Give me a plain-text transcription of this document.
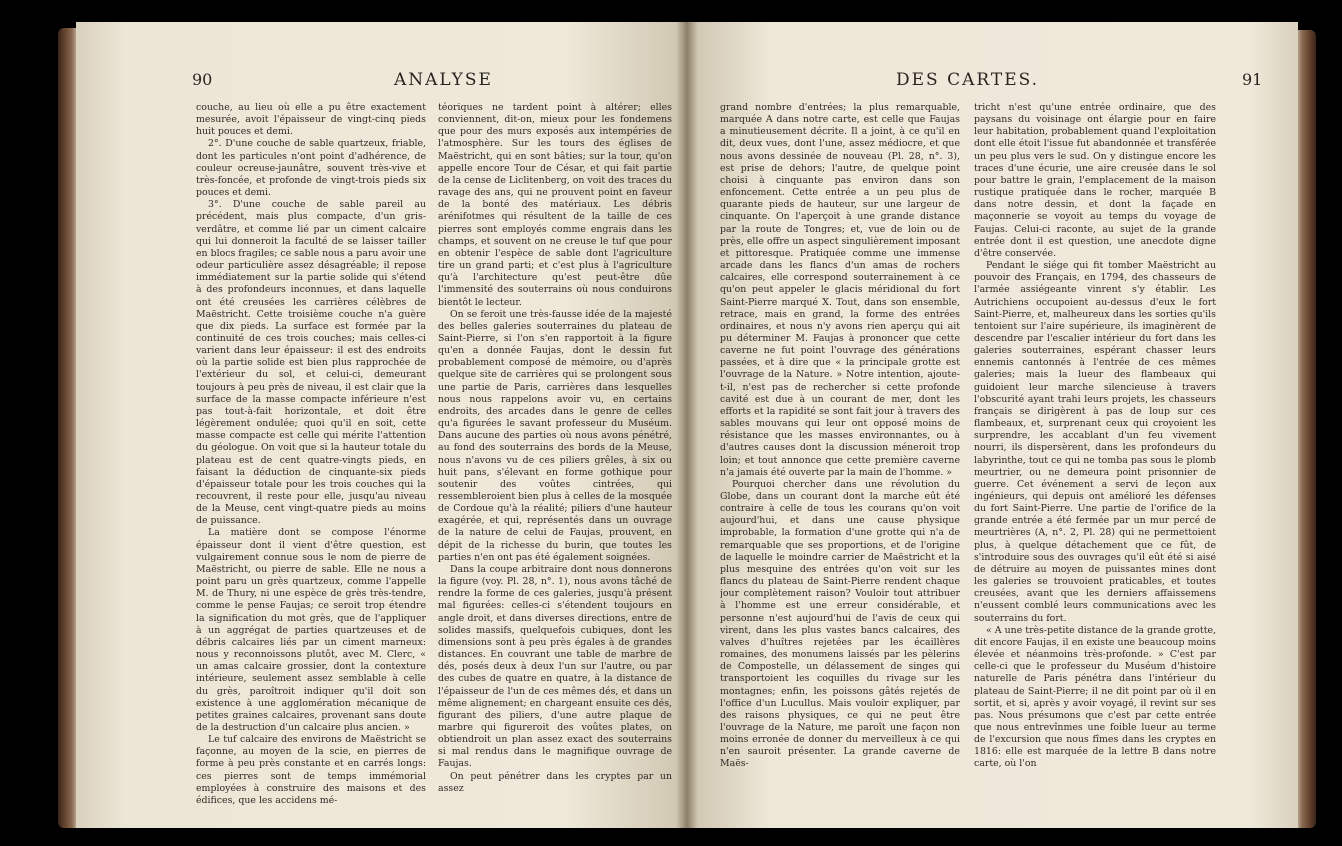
90	ANALYSE

couche, au lieu où elle a pu être exactement mesurée, avoit l'épaisseur de vingt-cinq pieds huit pouces et demi.

2°. D'une couche de sable quartzeux, friable, dont les particules n'ont point d'adhérence, de couleur ocreuse-jaunâtre, souvent très-vive et très-foncée, et profonde de vingt-trois pieds six pouces et demi.

3°. D'une couche de sable pareil au précédent, mais plus compacte, d'un gris-verdâtre, et comme lié par un ciment calcaire qui lui donneroit la faculté de se laisser tailler en blocs fragiles; ce sable nous a paru avoir une odeur particulière assez désagréable; il repose immédiatement sur la partie solide qui s'étend à des profondeurs inconnues, et dans laquelle ont été creusées les carrières célèbres de Maëstricht. Cette troisième couche n'a guère que dix pieds. La surface est formée par la continuité de ces trois couches; mais celles-ci varient dans leur épaisseur: il est des endroits où la partie solide est bien plus rapprochée de l'extérieur du sol, et celui-ci, demeurant toujours à peu près de niveau, il est clair que la surface de la masse compacte inférieure n'est pas tout-à-fait horizontale, et doit être légèrement ondulée; quoi qu'il en soit, cette masse compacte est celle qui mérite l'attention du géologue. On voit que si la hauteur totale du plateau est de cent quatre-vingts pieds, en faisant la déduction de cinquante-six pieds d'épaisseur totale pour les trois couches qui la recouvrent, il reste pour elle, jusqu'au niveau de la Meuse, cent vingt-quatre pieds au moins de puissance.

La matière dont se compose l'énorme épaisseur dont il vient d'être question, est vulgairement connue sous le nom de pierre de Maëstricht, ou pierre de sable. Elle ne nous a point paru un grès quartzeux, comme l'appelle M. de Thury, ni une espèce de grès très-tendre, comme le pense Faujas; ce seroit trop étendre la signification du mot grès, que de l'appliquer à un aggrégat de parties quartzeuses et de débris calcaires liés par un ciment marneux: nous y reconnoissons plutôt, avec M. Clerc, « un amas calcaire grossier, dont la contexture intérieure, seulement assez semblable à celle du grès, paroîtroit indiquer qu'il doit son existence à une agglomération mécanique de petites graines calcaires, provenant sans doute de la destruction d'un calcaire plus ancien. »

Le tuf calcaire des environs de Maëstricht se façonne, au moyen de la scie, en pierres de forme à peu près constante et en carrés longs: ces pierres sont de temps immémorial employées à construire des maisons et des édifices, que les accidens mé-

téoriques ne tardent point à altérer; elles conviennent, dit-on, mieux pour les fondemens que pour des murs exposés aux intempéries de l'atmosphère. Sur les tours des églises de Maëstricht, qui en sont bâties; sur la tour, qu'on appelle encore Tour de César, et qui fait partie de la cense de Liclitenberg, on voit des traces du ravage des ans, qui ne prouvent point en faveur de la bonté des matériaux. Les débris arénifotmes qui résultent de la taille de ces pierres sont employés comme engrais dans les champs, et souvent on ne creuse le tuf que pour en obtenir l'espèce de sable dont l'agriculture tire un grand parti; et c'est plus à l'agriculture qu'à l'architecture qu'est peut-être dûe l'immensité des souterrains où nous conduirons bientôt le lecteur.

On se feroit une très-fausse idée de la majesté des belles galeries souterraines du plateau de Saint-Pierre, si l'on s'en rapportoit à la figure qu'en a donnée Faujas, dont le dessin fut probablement composé de mémoire, ou d'après quelque site de carrières qui se prolongent sous une partie de Paris, carrières dans lesquelles nous nous rappelons avoir vu, en certains endroits, des arcades dans le genre de celles qu'a figurées le savant professeur du Muséum. Dans aucune des parties où nous avons pénétré, au fond des souterrains des bords de la Meuse, nous n'avons vu de ces piliers grêles, à six ou huit pans, s'élevant en forme gothique pour soutenir des voûtes cintrées, qui ressembleroient bien plus à celles de la mosquée de Cordoue qu'à la réalité; piliers d'une hauteur exagérée, et qui, représentés dans un ouvrage de la nature de celui de Faujas, prouvent, en dépit de la richesse du burin, que toutes les parties n'en ont pas été également soignées.

Dans la coupe arbitraire dont nous donnerons la figure (voy. Pl. 28, n°. 1), nous avons tâché de rendre la forme de ces galeries, jusqu'à présent mal figurées: celles-ci s'étendent toujours en angle droit, et dans diverses directions, entre de solides massifs, quelquefois cubiques, dont les dimensions sont à peu près égales à de grandes distances. En couvrant une table de marbre de dés, posés deux à deux l'un sur l'autre, ou par des cubes de quatre en quatre, à la distance de l'épaisseur de l'un de ces mêmes dés, et dans un même alignement; en chargeant ensuite ces dés, figurant des piliers, d'une autre plaque de marbre qui figureroit des voûtes plates, on obtiendroit un plan assez exact des souterrains si mal rendus dans le magnifique ouvrage de Faujas.

On peut pénétrer dans les cryptes par un assez

DES CARTES.	91

grand nombre d'entrées; la plus remarquable, marquée A dans notre carte, est celle que Faujas a minutieusement décrite. Il a joint, à ce qu'il en dit, deux vues, dont l'une, assez médiocre, et que nous avons dessinée de nouveau (Pl. 28, n°. 3), est prise de dehors; l'autre, de quelque point choisi à cinquante pas environ dans son enfoncement. Cette entrée a un peu plus de quarante pieds de hauteur, sur une largeur de cinquante. On l'aperçoit à une grande distance par la route de Tongres; et, vue de loin ou de près, elle offre un aspect singulièrement imposant et pittoresque. Pratiquée comme une immense arcade dans les flancs d'un amas de rochers calcaires, elle correspond souterrainement à ce qu'on peut appeler le glacis méridional du fort Saint-Pierre marqué X. Tout, dans son ensemble, retrace, mais en grand, la forme des entrées ordinaires, et nous n'y avons rien aperçu qui ait pu déterminer M. Faujas à prononcer que cette caverne ne fut point l'ouvrage des générations passées, et à dire que « la principale grotte est l'ouvrage de la Nature. » Notre intention, ajoute-t-il, n'est pas de rechercher si cette profonde cavité est due à un courant de mer, dont les efforts et la rapidité se sont fait jour à travers des sables mouvans qui leur ont opposé moins de résistance que les masses environnantes, ou à d'autres causes dont la discussion méneroit trop loin; et tout annonce que cette première caverne n'a jamais été ouverte par la main de l'homme. »

Pourquoi chercher dans une révolution du Globe, dans un courant dont la marche eût été contraire à celle de tous les courans qu'on voit aujourd'hui, et dans une cause physique improbable, la formation d'une grotte qui n'a de remarquable que ses proportions, et de l'origine de laquelle le moindre carrier de Maëstricht et la plus mesquine des entrées qu'on voit sur les flancs du plateau de Saint-Pierre rendent chaque jour complètement raison? Vouloir tout attribuer à l'homme est une erreur considérable, et personne n'est aujourd'hui de l'avis de ceux qui virent, dans les plus vastes bancs calcaires, des valves d'huîtres rejetées par les écaillères romaines, des monumens laissés par les pèlerins de Compostelle, un délassement de singes qui transportoient les coquilles du rivage sur les montagnes; enfin, les poissons gâtés rejetés de l'office d'un Lucullus. Mais vouloir expliquer, par des raisons physiques, ce qui ne peut être l'ouvrage de la Nature, me paroît une façon non moins erronée de donner du merveilleux à ce qui n'en sauroit présenter. La grande caverne de Maës-

tricht n'est qu'une entrée ordinaire, que des paysans du voisinage ont élargie pour en faire leur habitation, probablement quand l'exploitation dont elle étoit l'issue fut abandonnée et transférée un peu plus vers le sud. On y distingue encore les traces d'une écurie, une aire creusée dans le sol pour battre le grain, l'emplacement de la maison rustique pratiquée dans le rocher, marquée B dans notre dessin, et dont la façade en maçonnerie se voyoit au temps du voyage de Faujas. Celui-ci raconte, au sujet de la grande entrée dont il est question, une anecdote digne d'être conservée.

Pendant le siége qui fit tomber Maëstricht au pouvoir des Français, en 1794, des chasseurs de l'armée assiégeante vinrent s'y établir. Les Autrichiens occupoient au-dessus d'eux le fort Saint-Pierre, et, malheureux dans les sorties qu'ils tentoient sur l'aire supérieure, ils imaginèrent de descendre par l'escalier intérieur du fort dans les galeries souterraines, espérant chasser leurs ennemis cantonnés à l'entrée de ces mêmes galeries; mais la lueur des flambeaux qui guidoient leur marche silencieuse à travers l'obscurité ayant trahi leurs projets, les chasseurs français se dirigèrent à pas de loup sur ces flambeaux, et, surprenant ceux qui croyoient les surprendre, les accablant d'un feu vivement nourri, ils dispersèrent, dans les profondeurs du labyrinthe, tout ce qui ne tomba pas sous le plomb meurtrier, ou ne demeura point prisonnier de guerre. Cet événement a servi de leçon aux ingénieurs, qui depuis ont amélioré les défenses du fort Saint-Pierre. Une partie de l'orifice de la grande entrée a été fermée par un mur percé de meurtrières (A, n°. 2, Pl. 28) qui ne permettoient plus, à quelque détachement que ce fût, de s'introduire sous des ouvrages qu'il eût été si aisé de détruire au moyen de puissantes mines dont les galeries se trouvoient praticables, et toutes creusées, avant que les derniers affaissemens n'eussent comblé leurs communications avec les souterrains du fort.

« A une très-petite distance de la grande grotte, dit encore Faujas, il en existe une beaucoup moins élevée et néanmoins très-profonde. » C'est par celle-ci que le professeur du Muséum d'histoire naturelle de Paris pénétra dans l'intérieur du plateau de Saint-Pierre; il ne dit point par où il en sortit, et si, après y avoir voyagé, il revint sur ses pas. Nous présumons que c'est par cette entrée que nous entrevînmes une foible lueur au terme de l'excursion que nous fîmes dans les cryptes en 1816: elle est marquée de la lettre B dans notre carte, où l'on
